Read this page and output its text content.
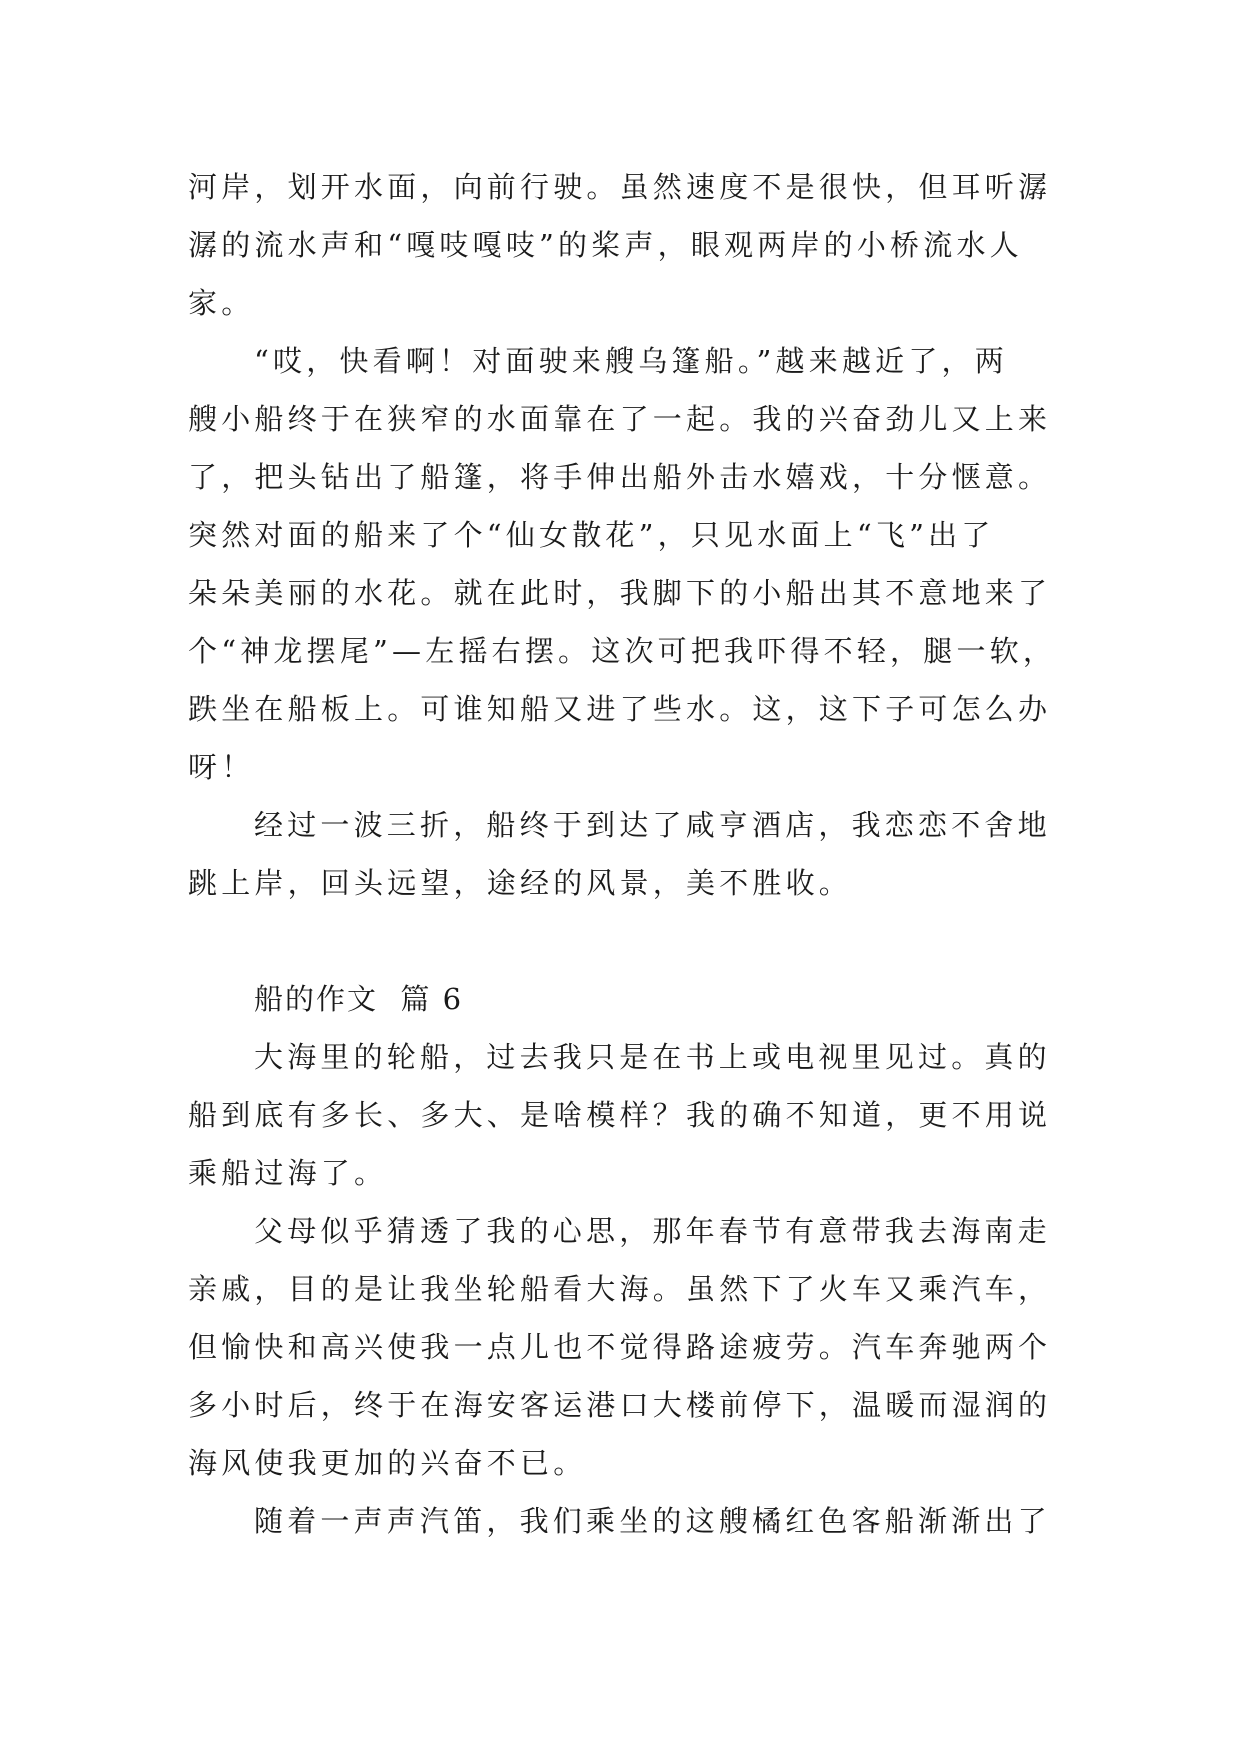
河岸，划开水面，向前行驶。虽然速度不是很快，但耳听潺
潺的流水声和“嘎吱嘎吱”的桨声，眼观两岸的小桥流水人
家。
“哎，快看啊！对面驶来艘乌篷船。”越来越近了，两
艘小船终于在狭窄的水面靠在了一起。我的兴奋劲儿又上来
了，把头钻出了船篷，将手伸出船外击水嬉戏，十分惬意。
突然对面的船来了个“仙女散花”，只见水面上“飞”出了
朵朵美丽的水花。就在此时，我脚下的小船出其不意地来了
个“神龙摆尾”—左摇右摆。这次可把我吓得不轻，腿一软，
跌坐在船板上。可谁知船又进了些水。这，这下子可怎么办
呀！
经过一波三折，船终于到达了咸亨酒店，我恋恋不舍地
跳上岸，回头远望，途经的风景，美不胜收。
船的作文  篇 6
大海里的轮船，过去我只是在书上或电视里见过。真的
船到底有多长、多大、是啥模样？我的确不知道，更不用说
乘船过海了。
父母似乎猜透了我的心思，那年春节有意带我去海南走
亲戚，目的是让我坐轮船看大海。虽然下了火车又乘汽车，
但愉快和高兴使我一点儿也不觉得路途疲劳。汽车奔驰两个
多小时后，终于在海安客运港口大楼前停下，温暖而湿润的
海风使我更加的兴奋不已。
随着一声声汽笛，我们乘坐的这艘橘红色客船渐渐出了
